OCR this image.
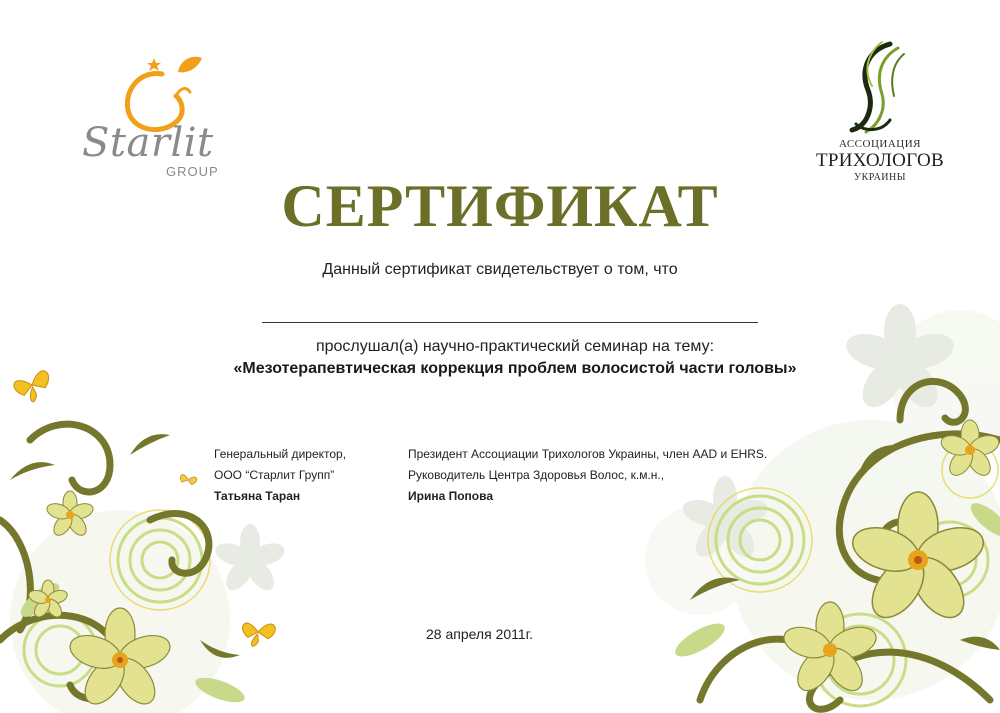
Starlit
GROUP
АССОЦИАЦИЯ
ТРИХОЛОГОВ
УКРАИНЫ
СЕРТИФИКАТ
Данный сертификат свидетельствует о том, что
прослушал(а) научно-практический семинар на тему:
«Мезотерапевтическая коррекция проблем волосистой части головы»
Генеральный директор,
ООО “Старлит Групп”
Татьяна Таран
Президент Ассоциации Трихологов Украины, член AAD и EHRS.
Руководитель Центра Здоровья Волос, к.м.н.,
Ирина Попова
28 апреля 2011г.
